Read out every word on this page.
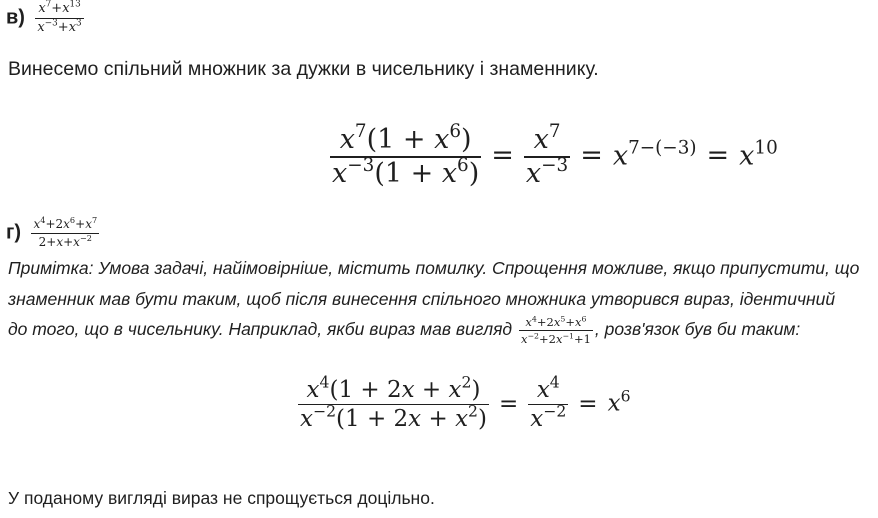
$в) \frac{x^7+x^{13}}{x^{-3}+x^3}$
Винесемо спільний множник за дужки в чисельнику і знаменнику.
$\frac{x^7(1 + x^6)}{x^{-3}(1 + x^6)} = \frac{x^7}{x^{-3}} = x^{7-(-3)} = x^{10}$
$г) \frac{x^4+2x^6+x^7}{2+x+x^{-2}}$
Примітка: Умова задачі, найімовірніше, містить помилку. Спрощення можливе, якщо припустити, що
знаменник мав бути таким, щоб після винесення спільного множника утворився вираз, ідентичний
до того, що в чисельнику. Наприклад, якби вираз мав вигляд $\frac{x^4+2x^5+x^6}{x^{-2}+2x^{-1}+1}$ , розв'язок був би таким:
$\frac{x^4(1 + 2x + x^2)}{x^{-2}(1 + 2x + x^2)} = \frac{x^4}{x^{-2}} = x^6$
У поданому вигляді вираз не спрощується доцільно.
